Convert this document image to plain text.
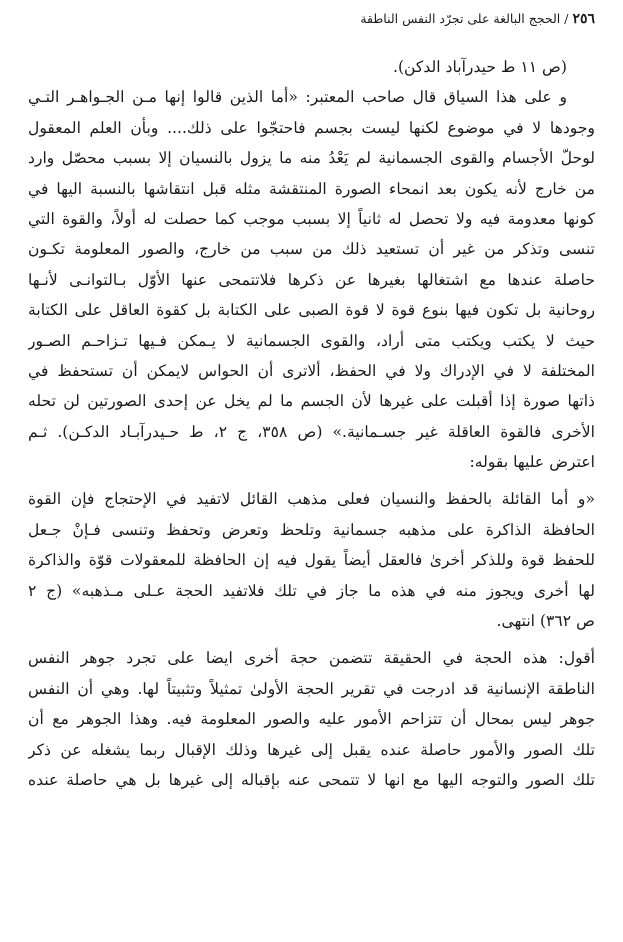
٢٥٦ / الحجج البالغة على تجرّد النفس الناطقة
(ص ١١ ط حيدرآباد الدكن).
و على هذا السياق قال صاحب المعتبر: «أما الذين قالوا إنها مـن الجـواهـر التـي
وجودها لا في موضوع لكنها ليست بجسم فاحتجّوا على ذلك.... وبأن العلم المعقول
لوحلّ الأجسام والقوى الجسمانية لم يَعْدُ منه ما يزول بالنسيان إلا بسبب محصّل وارد
من خارج لأنه يكون بعد انمحاء الصورة المنتقشة مثله قبل انتقاشها بالنسبة اليها في
كونها معدومة فيه ولا تحصل له ثانياً إلا بسبب موجب كما حصلت له أولاً، والقوة التي
تنسى وتذكر من غير أن تستعيد ذلك من سبب من خارج، والصور المعلومة تكـون
حاصلة عندها مع اشتغالها بغيرها عن ذكرها فلاتتمحى عنها الأوّل بـالتوانـى لأنـها
روحانية بل تكون فيها بنوع قوة لا قوة الصبى على الكتابة بل كقوة العاقل على الكتابة
حيث لا يكتب ويكتب متى أراد، والقوى الجسمانية لا يـمكن فـيها تـزاحـم الصـور
المختلفة لا في الإدراك ولا في الحفظ، ألاترى أن الحواس لايمكن أن تستحفظ في
ذاتها صورة إذا أقبلت على غيرها لأن الجسم ما لم يخل عن إحدى الصورتين لن تحله
الأخرى فالقوة العاقلة غير جسـمانية.» (ص ٣٥٨، ج ٢، ط حـيدرآبـاد الدكـن). ثـم
اعترض عليها بقوله:
«و أما القائلة بالحفظ والنسيان فعلى مذهب القائل لاتفيد في الإحتجاج فإن القوة
الحافظة الذاكرة على مذهبه جسمانية وتلحظ وتعرض وتحفظ وتنسى فـإنْ جـعل
للحفظ قوة وللذكر أخرىٰ فالعقل أيضاً يقول فيه إن الحافظة للمعقولات قوّة والذاكرة
لها أخرى ويجوز منه في هذه ما جاز في تلك فلاتفيد الحجة عـلى مـذهبه» (ج ٢
ص ٣٦٢) انتهى.
أقول: هذه الحجة في الحقيقة تتضمن حجة أخرى ايضا على تجرد جوهر النفس
الناطقة الإنسانية قد ادرجت في تقرير الحجة الأولىٰ تمثيلاً وتثبيتاً لها. وهي أن النفس
جوهر ليس بمحال أن تتزاحم الأمور عليه والصور المعلومة فيه. وهذا الجوهر مع أن
تلك الصور والأمور حاصلة عنده يقبل إلى غيرها وذلك الإقبال ربما يشغله عن ذكر
تلك الصور والتوجه اليها مع انها لا تتمحى عنه بإقباله إلى غيرها بل هي حاصلة عنده
